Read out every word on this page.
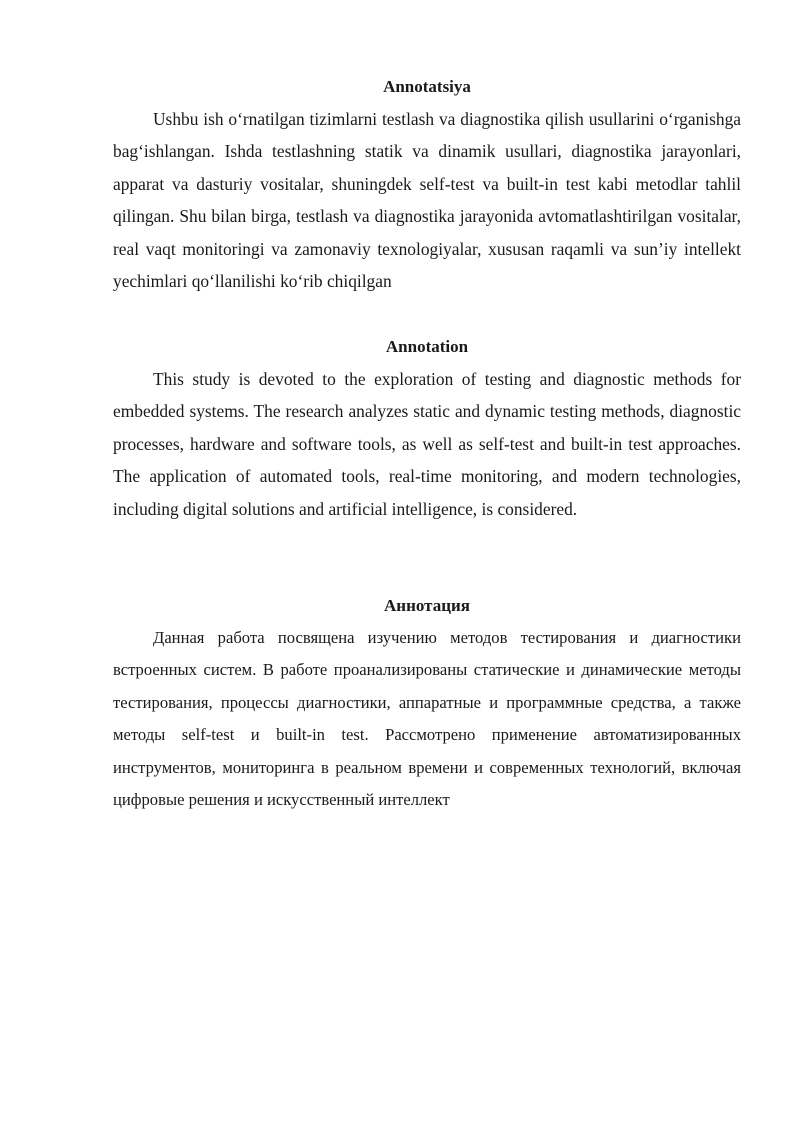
Annotatsiya

Ushbu ish oʻrnatilgan tizimlarni testlash va diagnostika qilish usullarini oʻrganishga bagʻishlangan. Ishda testlashning statik va dinamik usullari, diagnostika jarayonlari, apparat va dasturiy vositalar, shuningdek self-test va built-in test kabi metodlar tahlil qilingan. Shu bilan birga, testlash va diagnostika jarayonida avtomatlashtirilgan vositalar, real vaqt monitoringi va zamonaviy texnologiyalar, xususan raqamli va sunʼiy intellekt yechimlari qoʻllanilishi koʻrib chiqilgan

Annotation

This study is devoted to the exploration of testing and diagnostic methods for embedded systems. The research analyzes static and dynamic testing methods, diagnostic processes, hardware and software tools, as well as self-test and built-in test approaches. The application of automated tools, real-time monitoring, and modern technologies, including digital solutions and artificial intelligence, is considered.

Аннотация

Данная работа посвящена изучению методов тестирования и диагностики встроенных систем. В работе проанализированы статические и динамические методы тестирования, процессы диагностики, аппаратные и программные средства, а также методы self-test и built-in test. Рассмотрено применение автоматизированных инструментов, мониторинга в реальном времени и современных технологий, включая цифровые решения и искусственный интеллект
